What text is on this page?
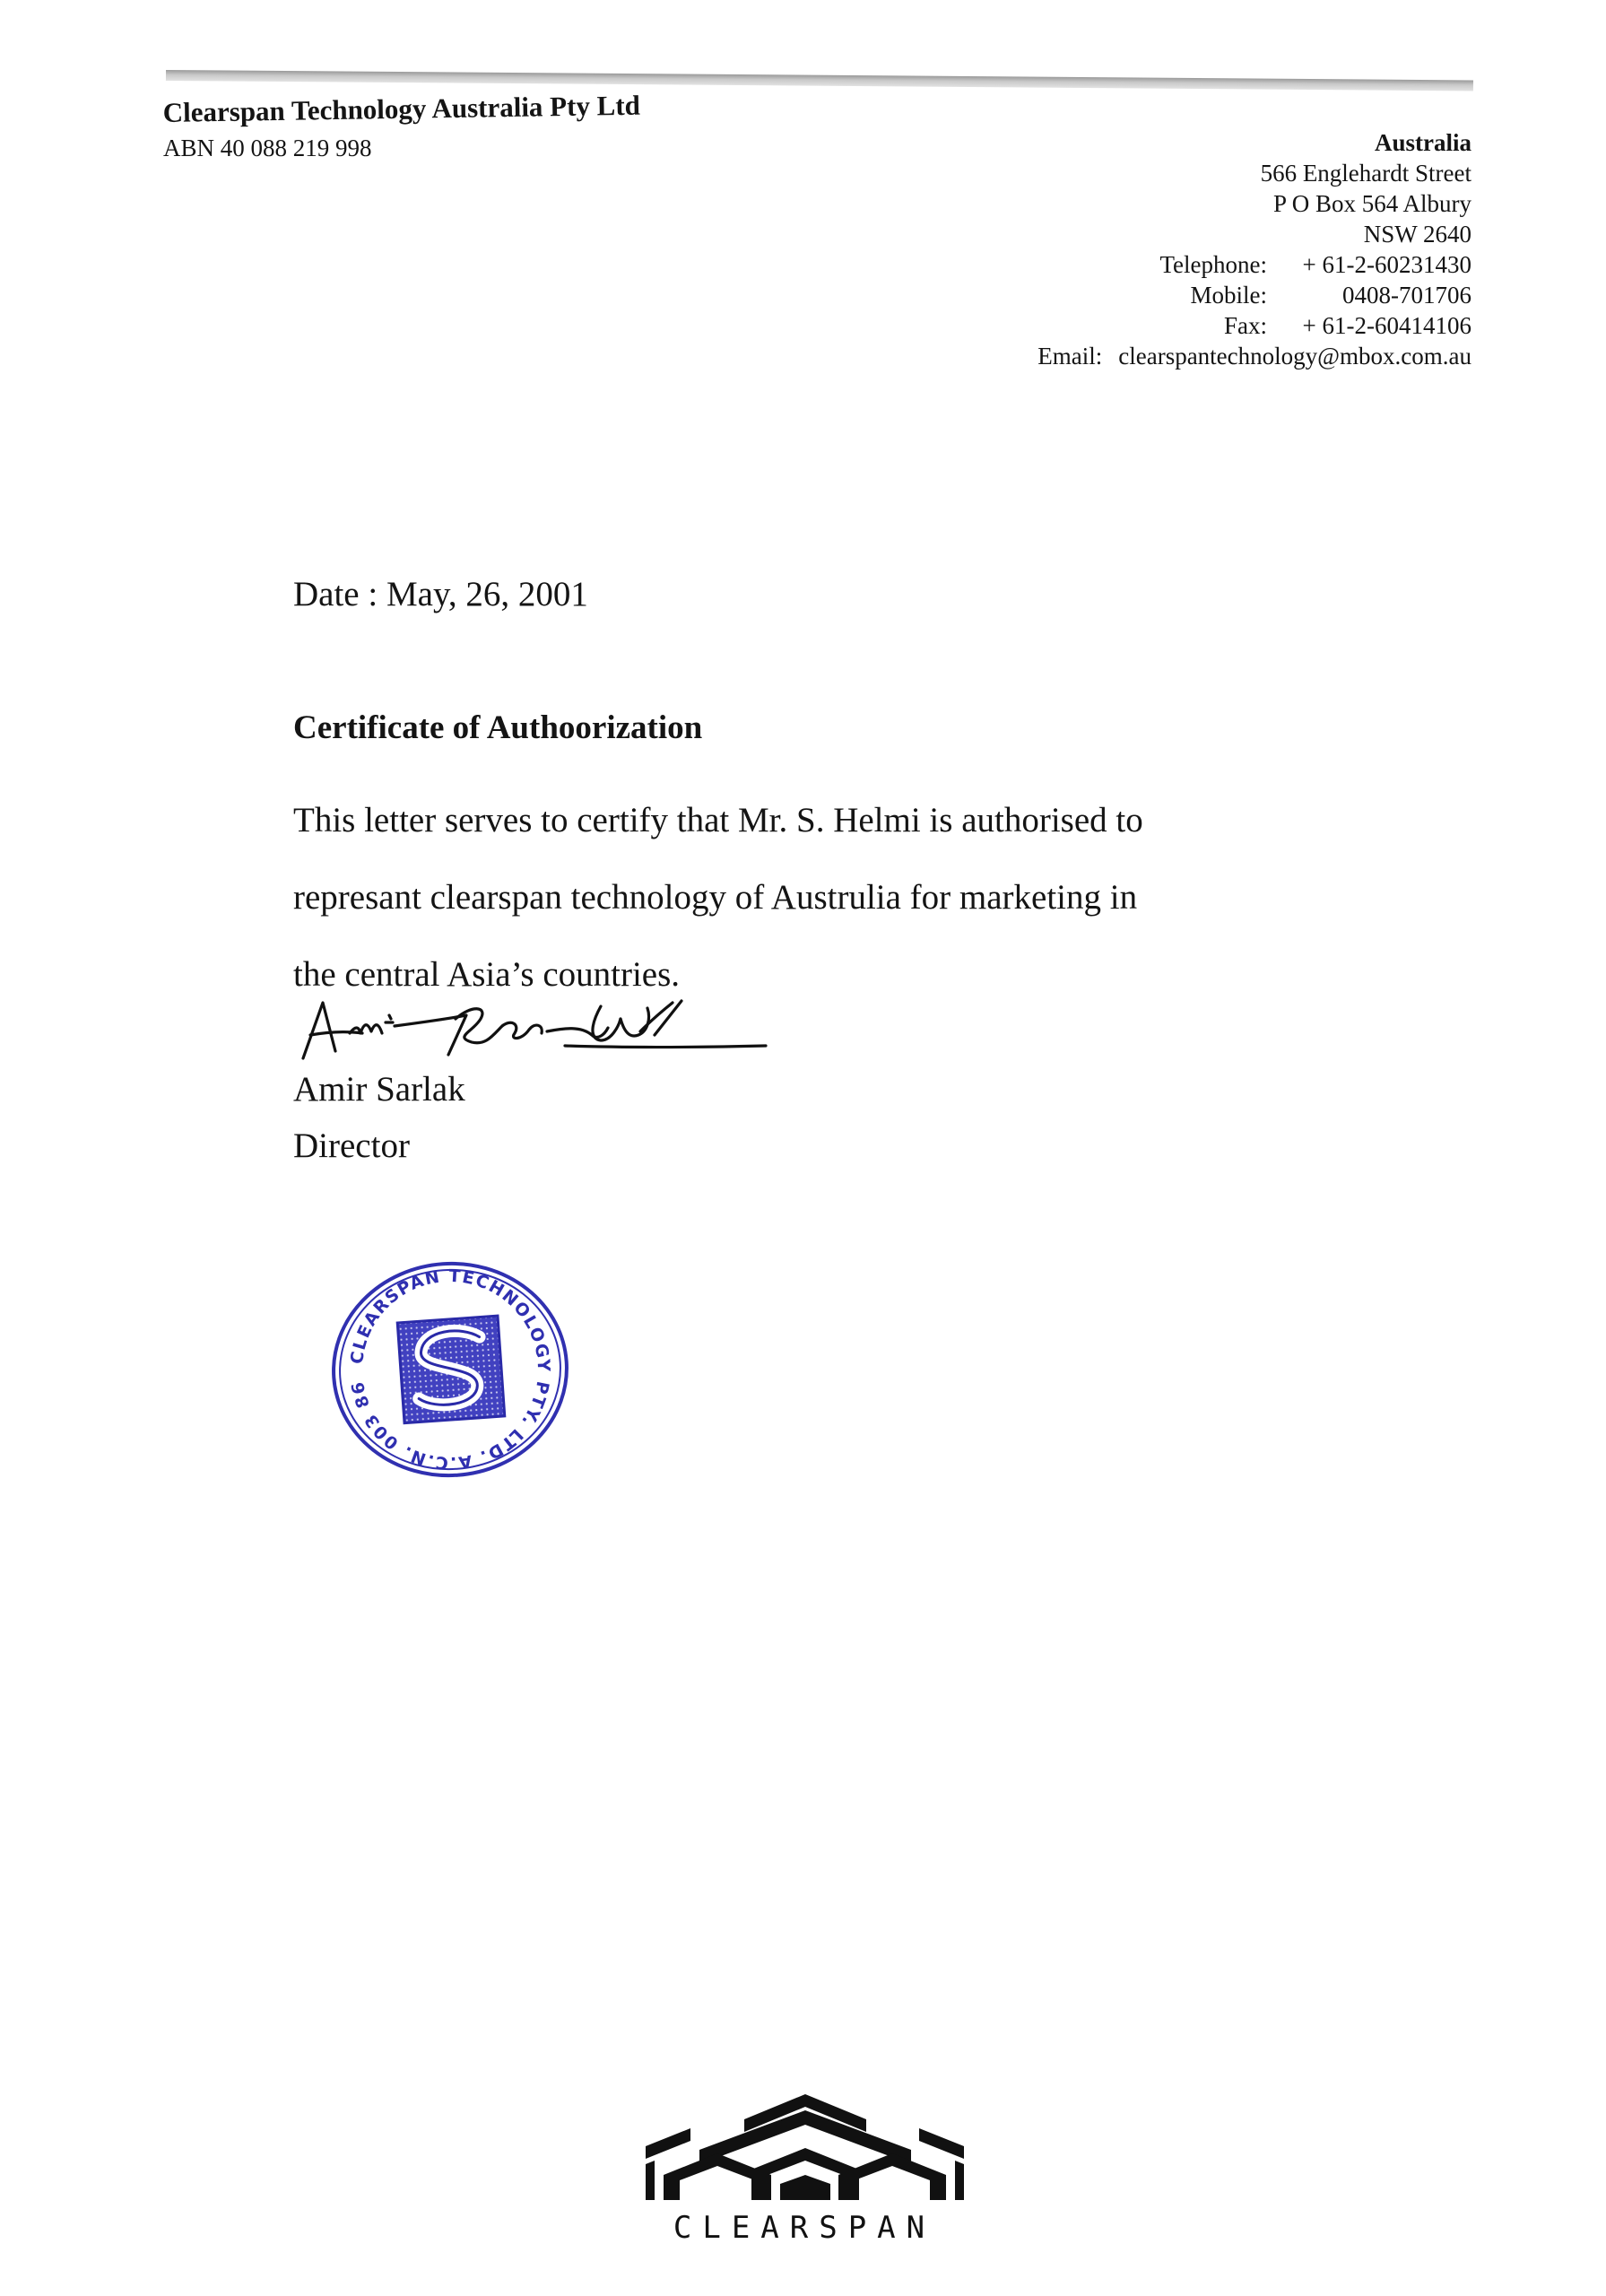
Clearspan Technology Australia Pty Ltd
ABN 40 088 219 998	Australia
566 Englehardt Street
P O Box 564 Albury
NSW 2640
Telephone:	+ 61-2-60231430
Mobile:	0408-701706
Fax:	+ 61-2-60414106
Email: clearspantechnology@mbox.com.au
Date : May, 26, 2001
Certificate of Authoorization
This letter serves to certify that Mr. S. Helmi is authorised to
represant clearspan technology of Austrulia for marketing in
the central Asia’s countries.
Amir Sarlak
Director
CLEARSPAN TECHNOLOGY PTY. LTD. A.C.N. 003 865
CLEARSPAN
